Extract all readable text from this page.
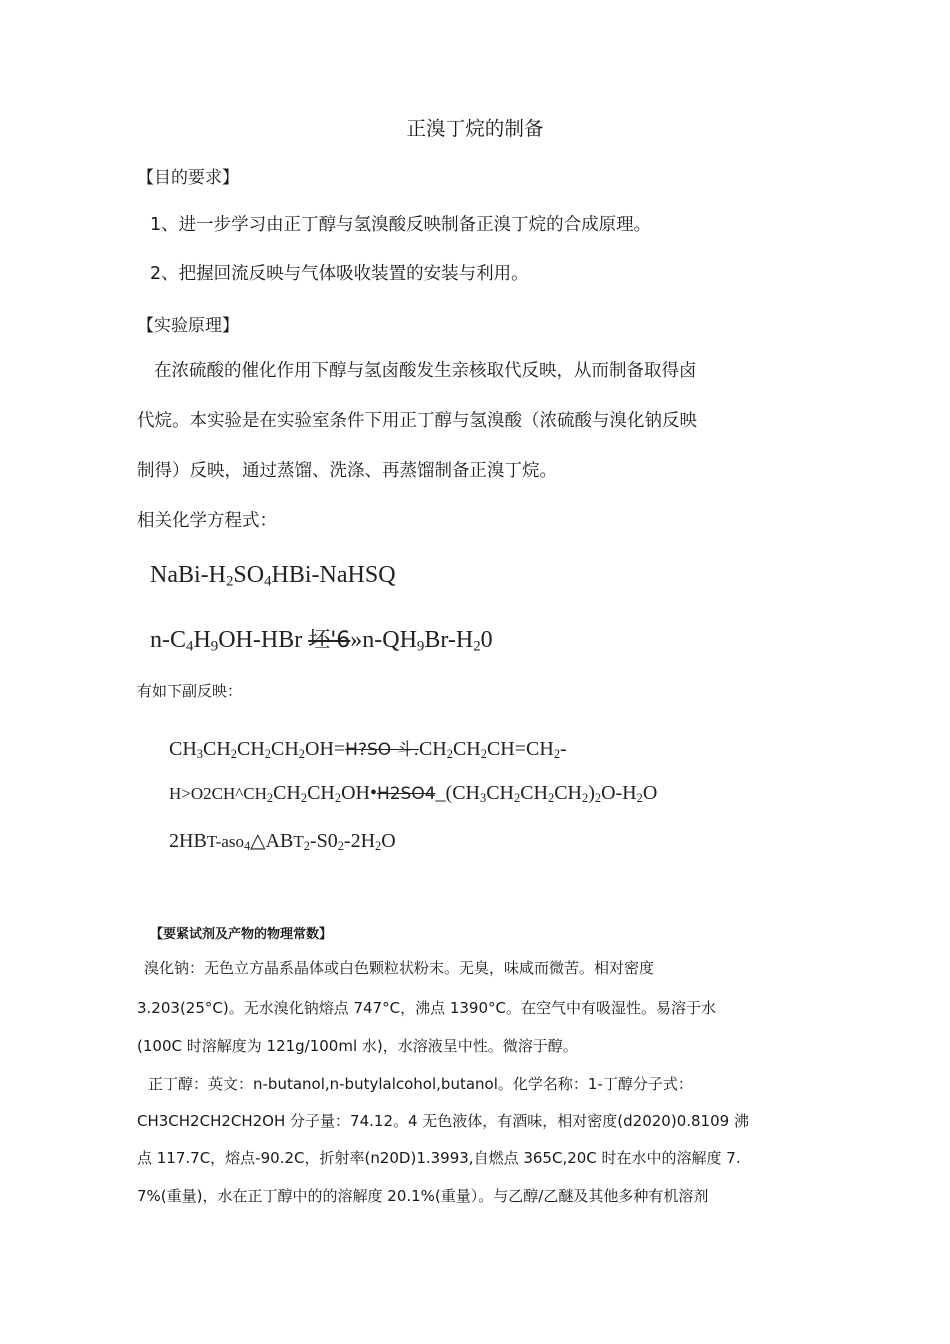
正溴丁烷的制备
【目的要求】
1、进一步学习由正丁醇与氢溴酸反映制备正溴丁烷的合成原理。
2、把握回流反映与气体吸收装置的安装与利用。
【实验原理】
在浓硫酸的催化作用下醇与氢卤酸发生亲核取代反映，从而制备取得卤
代烷。本实验是在实验室条件下用正丁醇与氢溴酸（浓硫酸与溴化钠反映
制得）反映，通过蒸馏、洗涤、再蒸馏制备正溴丁烷。
相关化学方程式：
NaBi-$H_2SO_4HBi$-NaHSQ
$n-C_4H_9OH$-HBr 坯'$6»n-QH_9Br-H_20$
有如下副反映：
$CH_3CH_2CH_2CH_2OH=H?SO$ 斗$.CH_2CH_2CH=CH_2-$
$H>O2CH\^{}CH_2CH_2CH_2OH•H2SO4\_(CH_3CH_2CH_2CH_2)_2O-H_2O$
$2HBT-aso_4\triangle ABT_2-S0_2-2H_2O$
【要紧试剂及产物的物理常数】
溴化钠：无色立方晶系晶体或白色颗粒状粉末。无臭，味咸而微苦。相对密度
3.203(25°C)。无水溴化钠熔点 747°C，沸点 1390°C。在空气中有吸湿性。易溶于水
(100C 时溶解度为 121g/100ml 水)，水溶液呈中性。微溶于醇。
正丁醇：英文：n-butanol,n-butylalcohol,butanol。化学名称：1-丁醇分子式：
CH3CH2CH2CH2OH 分子量：74.12。4 无色液体，有酒味，相对密度(d2020)0.8109 沸
点 117.7C，熔点-90.2C，折射率(n20D)1.3993,自燃点 365C,20C 时在水中的溶解度 7.
7%(重量)，水在正丁醇中的的溶解度 20.1%(重量）。与乙醇/乙醚及其他多种有机溶剂
